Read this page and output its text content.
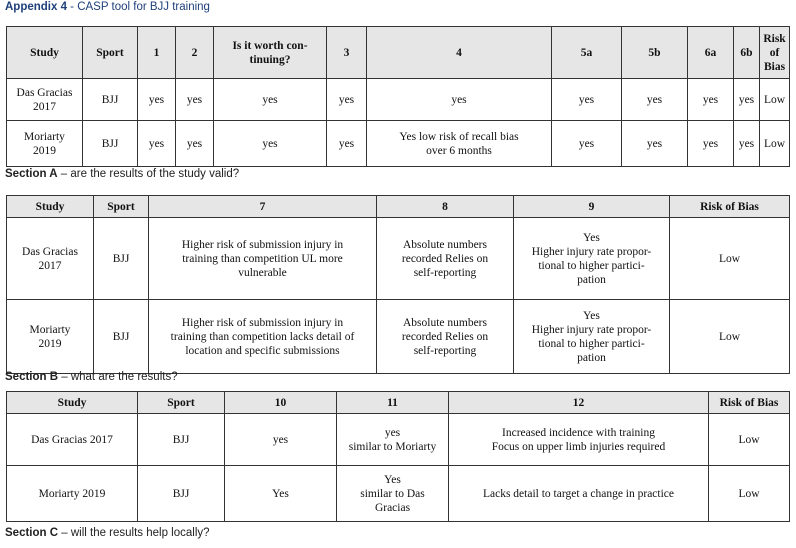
Appendix 4 - CASP tool for BJJ training
Study	Sport	1	2	Is it worth con-
tinuing?	3	4	5a	5b	6a	6b	Risk
of
Bias
Das Gracias
2017	BJJ	yes	yes	yes	yes	yes	yes	yes	yes	yes	Low
Moriarty
2019	BJJ	yes	yes	yes	yes	Yes low risk of recall bias
over 6 months	yes	yes	yes	yes	Low
Section A – are the results of the study valid?
Study	Sport	7	8	9	Risk of Bias
Das Gracias
2017	BJJ	Higher risk of submission injury in
training than competition UL more
vulnerable	Absolute numbers
recorded Relies on
self-reporting	Yes
Higher injury rate propor-
tional to higher partici-
pation	Low
Moriarty
2019	BJJ	Higher risk of submission injury in
training than competition lacks detail of
location and specific submissions	Absolute numbers
recorded Relies on
self-reporting	Yes
Higher injury rate propor-
tional to higher partici-
pation	Low
Section B – what are the results?
Study	Sport	10	11	12	Risk of Bias
Das Gracias 2017	BJJ	yes	yes
similar to Moriarty	Increased incidence with training
Focus on upper limb injuries required	Low
Moriarty 2019	BJJ	Yes	Yes
similar to Das
Gracias	Lacks detail to target a change in practice	Low
Section C – will the results help locally?
